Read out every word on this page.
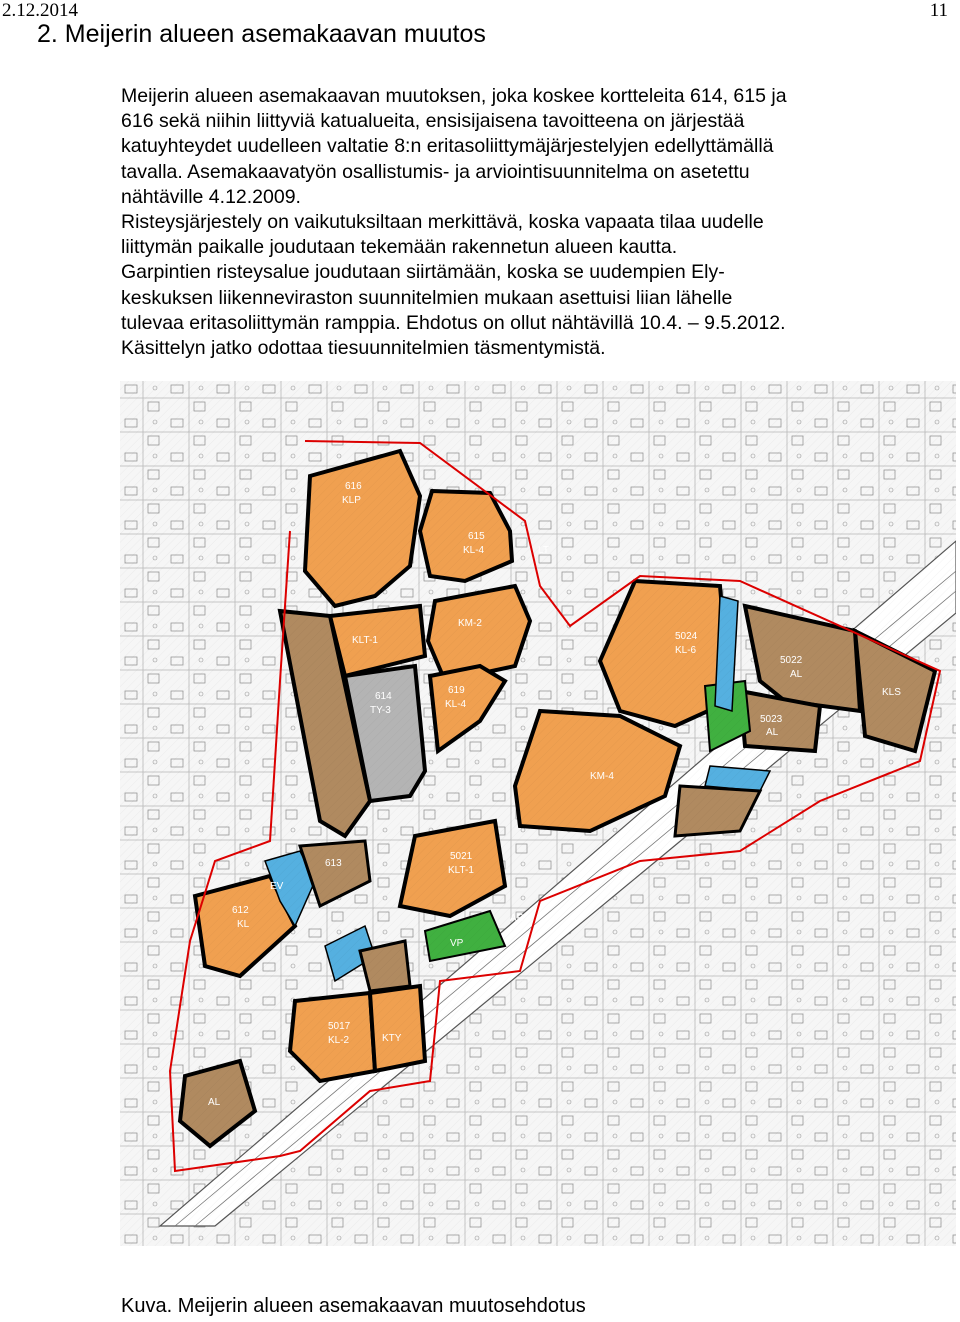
2.12.2014	11
2. Meijerin alueen asemakaavan muutos

Meijerin alueen asemakaavan muutoksen, joka koskee kortteleita 614, 615 ja

616 sekä niihin liittyviä katualueita, ensisijaisena tavoitteena on järjestää

katuyhteydet uudelleen valtatie 8:n eritasoliittymäjärjestelyjen edellyttämällä

tavalla. Asemakaavatyön osallistumis- ja arviointisuunnitelma on asetettu

nähtäville 4.12.2009.

Risteysjärjestely on vaikutuksiltaan merkittävä, koska vapaata tilaa uudelle

liittymän paikalle joudutaan tekemään rakennetun alueen kautta.

Garpintien risteysalue joudutaan siirtämään, koska se uudempien Ely-

keskuksen liikenneviraston suunnitelmien mukaan asettuisi liian lähelle

tulevaa eritasoliittymän ramppia. Ehdotus on ollut nähtävillä 10.4. – 9.5.2012.

Käsittelyn jatko odottaa tiesuunnitelmien täsmentymistä.

616
KLP
615
KL-4
KM-2
KLT-1
614
TY-3
619
KL-4
5024
KL-6
5022
AL
KLS
5023
AL
KM-4
5021
KLT-1
612
KL
613
5017
KL-2	KTY
AL
LT
EV
VP
AR
Kuva. Meijerin alueen asemakaavan muutosehdotus
